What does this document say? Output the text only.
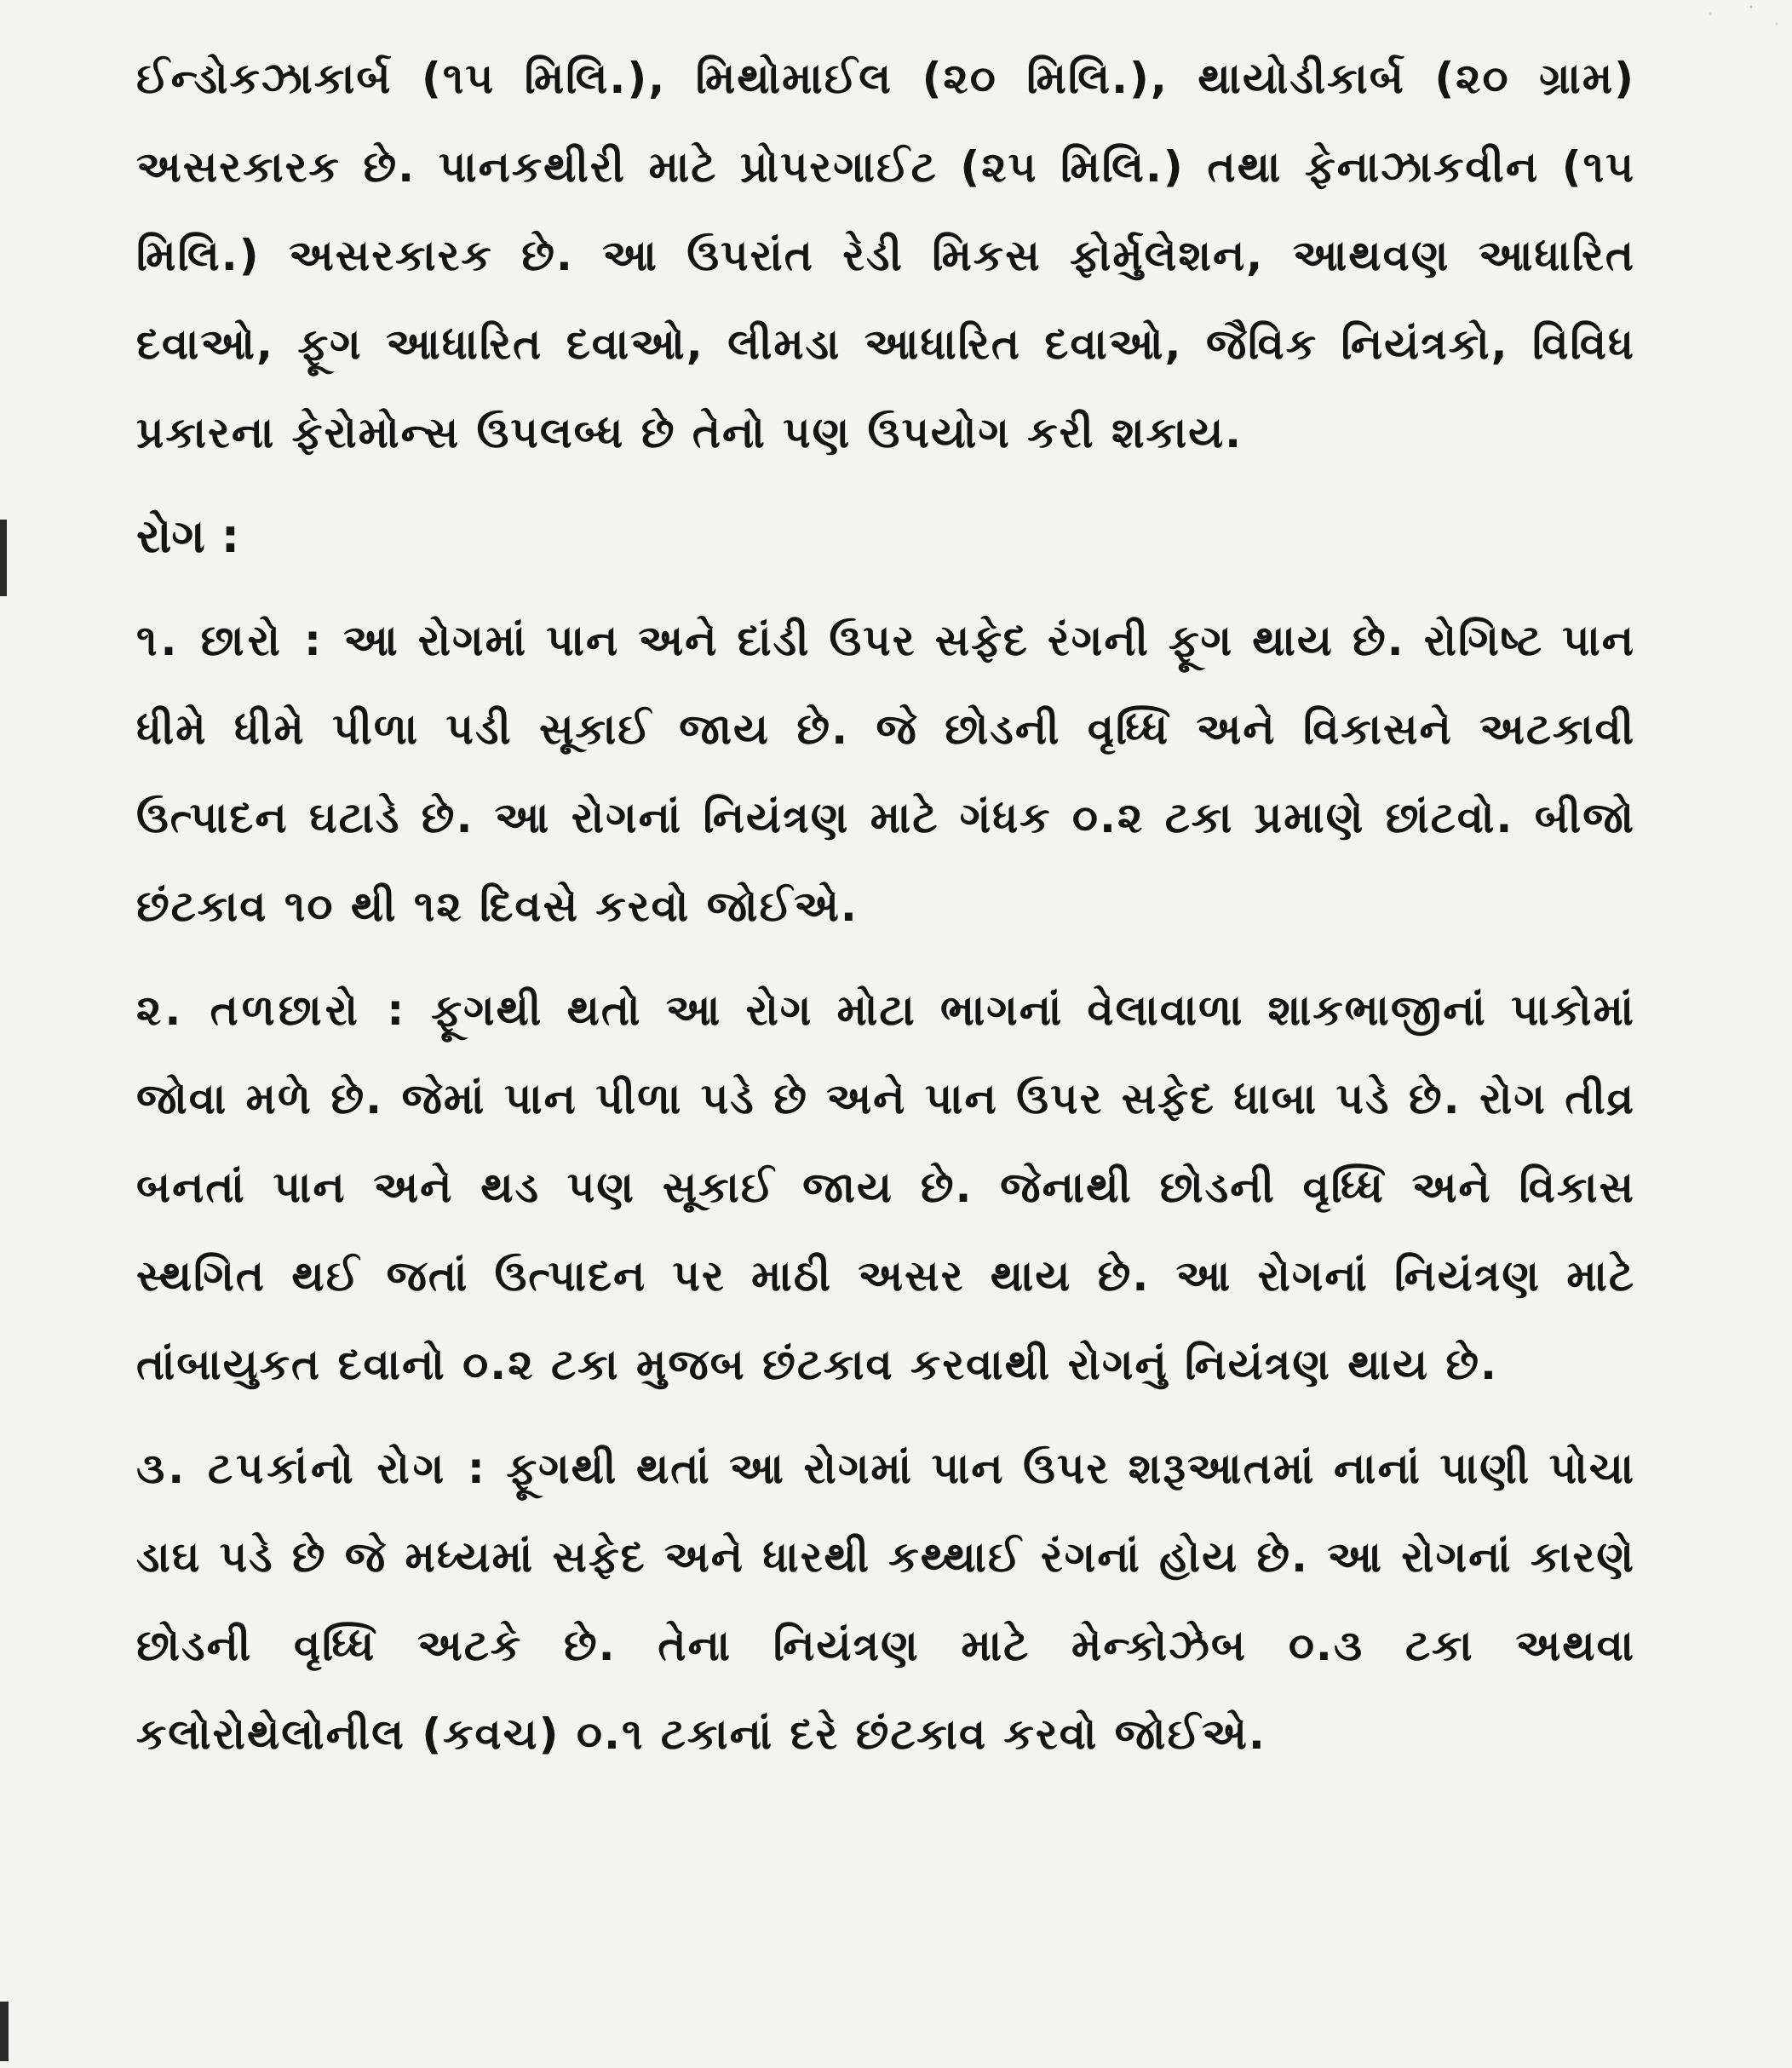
ઈન્ડોકઝાકાર્બ (૧૫ મિલિ.), મિથોમાઈલ (૨૦ મિલિ.), થાયોડીકાર્બ (૨૦ ગ્રામ) અસરકારક છે. પાનકથીરી માટે પ્રોપરગાઈટ (૨૫ મિલિ.) તથા ફેનાઝાકવીન (૧૫ મિલિ.) અસરકારક છે. આ ઉપરાંત રેડી મિકસ ફોર્મુલેશન, આથવણ આધારિત દવાઓ, ફૂગ આધારિત દવાઓ, લીમડા આધારિત દવાઓ, જૈવિક નિયંત્રકો, વિવિધ પ્રકારના ફેરોમોન્સ ઉપલબ્ધ છે તેનો પણ ઉપયોગ કરી શકાય.

રોગ :

૧. છારો : આ રોગમાં પાન અને દાંડી ઉપર સફેદ રંગની ફૂગ થાય છે. રોગિષ્ટ પાન ધીમે ધીમે પીળા પડી સૂકાઈ જાય છે. જે છોડની વૃધ્ધિ અને વિકાસને અટકાવી ઉત્પાદન ઘટાડે છે. આ રોગનાં નિયંત્રણ માટે ગંધક ૦.૨ ટકા પ્રમાણે છાંટવો. બીજો છંટકાવ ૧૦ થી ૧૨ દિવસે કરવો જોઈએ.

૨. તળછારો : ફૂગથી થતો આ રોગ મોટા ભાગનાં વેલાવાળા શાકભાજીનાં પાકોમાં જોવા મળે છે. જેમાં પાન પીળા પડે છે અને પાન ઉપર સફેદ ધાબા પડે છે. રોગ તીવ્ર બનતાં પાન અને થડ પણ સૂકાઈ જાય છે. જેનાથી છોડની વૃધ્ધિ અને વિકાસ સ્થગિત થઈ જતાં ઉત્પાદન પર માઠી અસર થાય છે. આ રોગનાં નિયંત્રણ માટે તાંબાયુકત દવાનો ૦.૨ ટકા મુજબ છંટકાવ કરવાથી રોગનું નિયંત્રણ થાય છે.

૩. ટપકાંનો રોગ : ફૂગથી થતાં આ રોગમાં પાન ઉપર શરૂઆતમાં નાનાં પાણી પોચા ડાઘ પડે છે જે મધ્યમાં સફેદ અને ધારથી કથ્થાઈ રંગનાં હોય છે. આ રોગનાં કારણે છોડની વૃધ્ધિ અટકે છે. તેના નિયંત્રણ માટે મેન્કોઝેબ ૦.૩ ટકા અથવા કલોરોથેલોનીલ (કવચ) ૦.૧ ટકાનાં દરે છંટકાવ કરવો જોઈએ.
